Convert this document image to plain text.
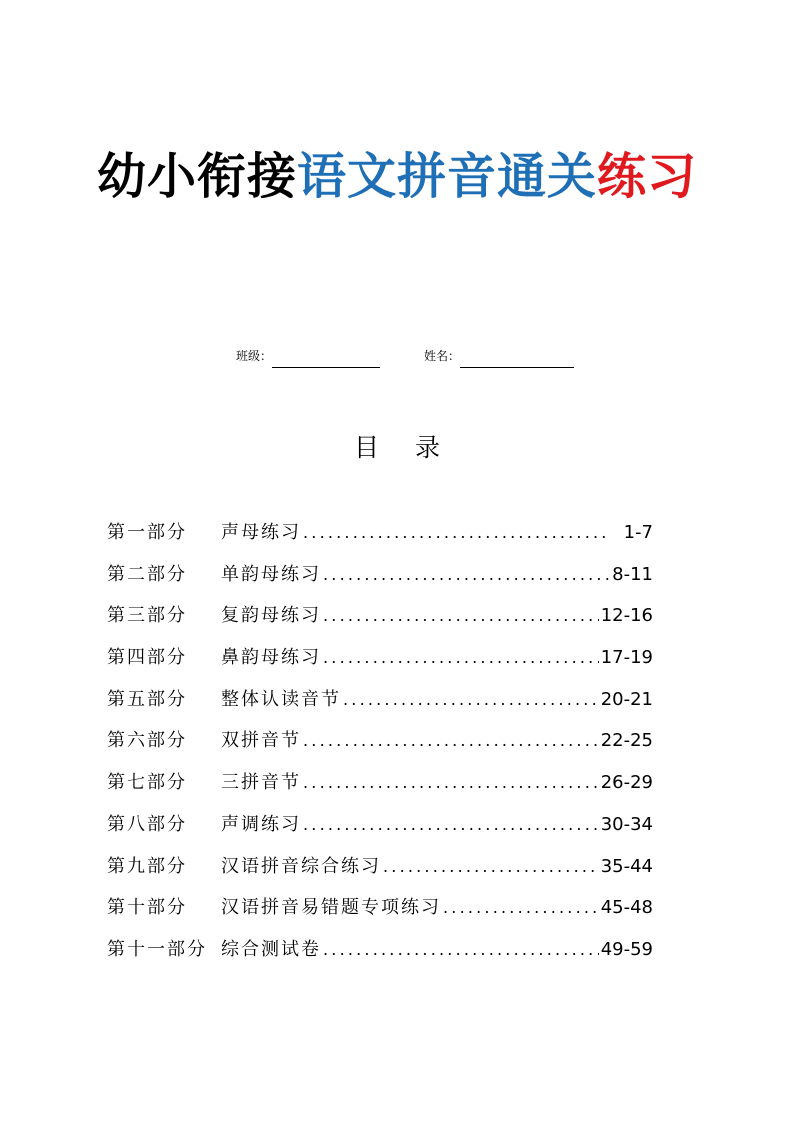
幼小衔接语文拼音通关练习
班级：	姓名：
目 录
第一部分	声母练习 .....	1-7
第二部分	单韵母练习 .....	8-11
第三部分	复韵母练习 .....	12-16
第四部分	鼻韵母练习 .....	17-19
第五部分	整体认读音节 .....	20-21
第六部分	双拼音节 .....	22-25
第七部分	三拼音节 .....	26-29
第八部分	声调练习 .....	30-34
第九部分	汉语拼音综合练习 .....	35-44
第十部分	汉语拼音易错题专项练习 .....	45-48
第十一部分 综合测试卷 .....	49-59
